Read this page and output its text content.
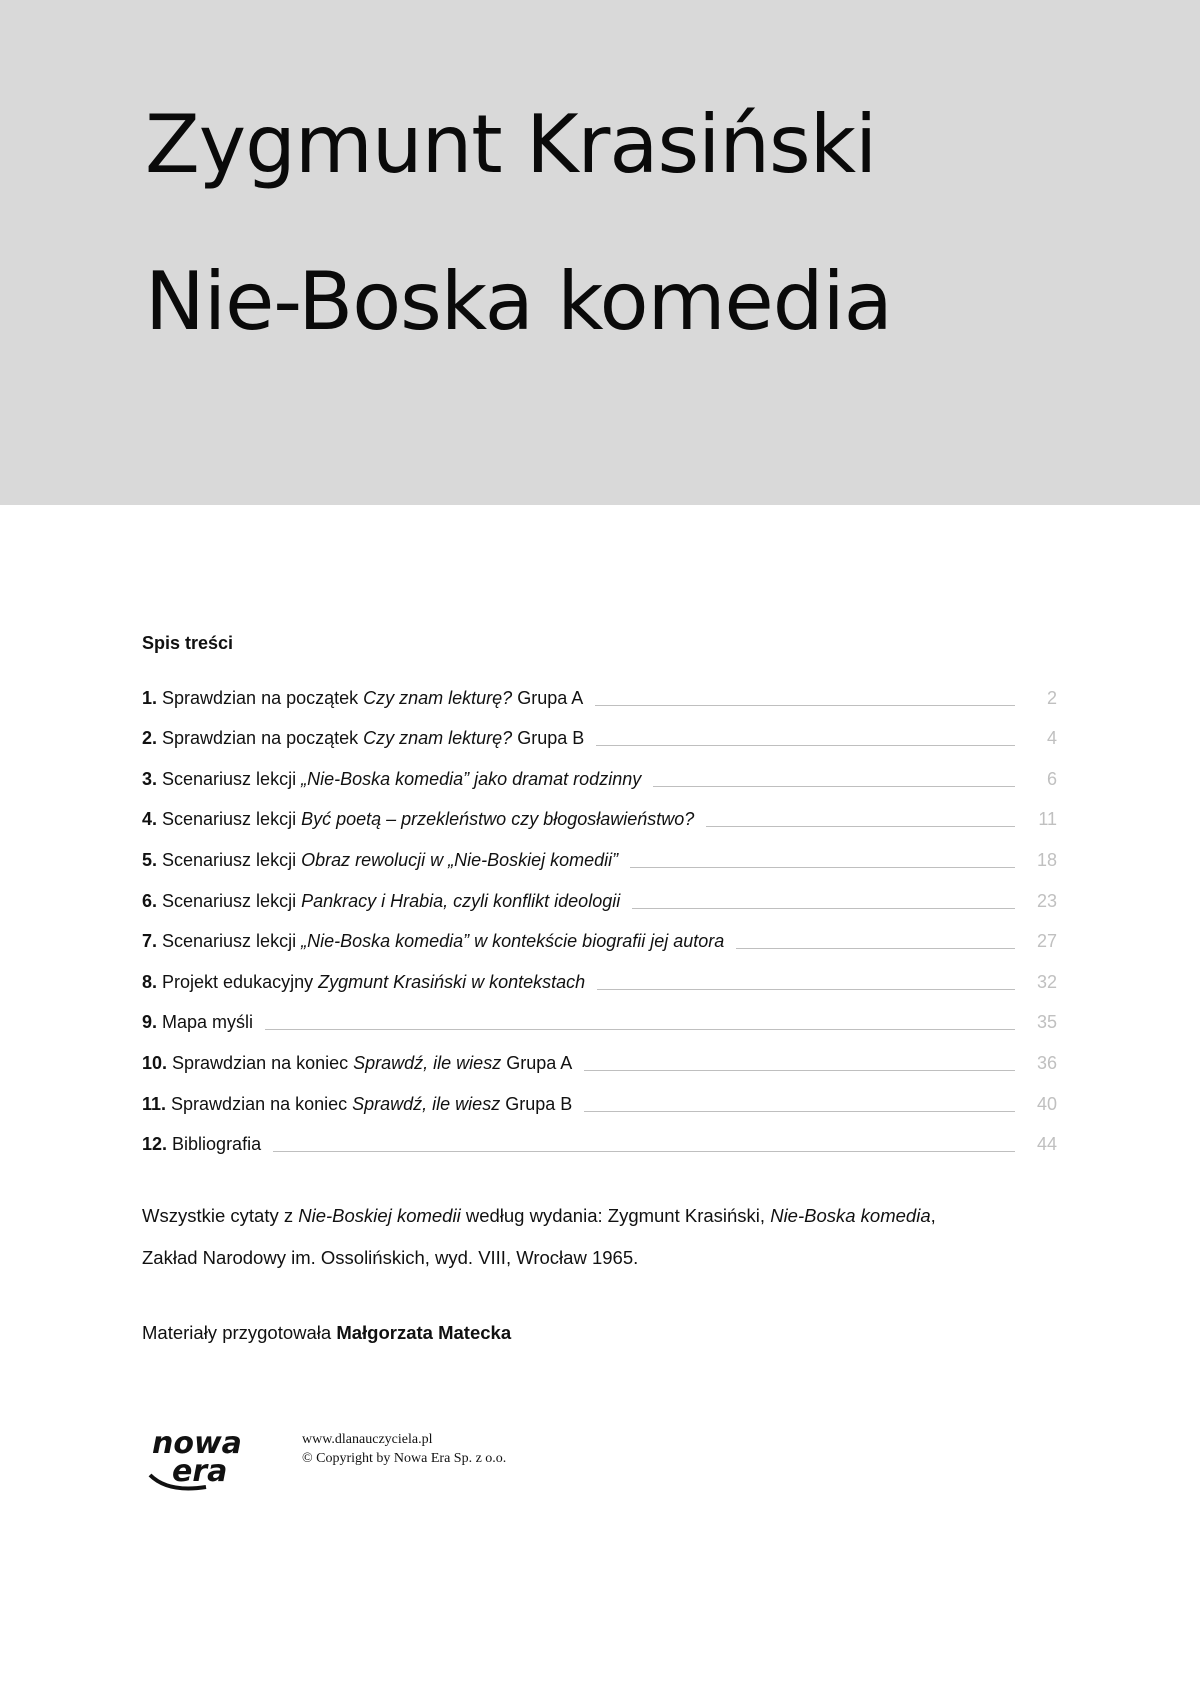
Zygmunt Krasiński
Nie-Boska komedia
Spis treści
1. Sprawdzian na początek Czy znam lekturę? Grupa A	2
2. Sprawdzian na początek Czy znam lekturę? Grupa B	4
3. Scenariusz lekcji „Nie-Boska komedia” jako dramat rodzinny	6
4. Scenariusz lekcji Być poetą – przekleństwo czy błogosławieństwo?	11
5. Scenariusz lekcji Obraz rewolucji w „Nie-Boskiej komedii”	18
6. Scenariusz lekcji Pankracy i Hrabia, czyli konflikt ideologii	23
7. Scenariusz lekcji „Nie-Boska komedia” w kontekście biografii jej autora	27
8. Projekt edukacyjny Zygmunt Krasiński w kontekstach	32
9. Mapa myśli	35
10. Sprawdzian na koniec Sprawdź, ile wiesz Grupa A	36
11. Sprawdzian na koniec Sprawdź, ile wiesz Grupa B	40
12. Bibliografia	44
Wszystkie cytaty z Nie-Boskiej komedii według wydania: Zygmunt Krasiński, Nie-Boska komedia,
Zakład Narodowy im. Ossolińskich, wyd. VIII, Wrocław 1965.
Materiały przygotowała Małgorzata Matecka
nowa
era
www.dlanauczyciela.pl
© Copyright by Nowa Era Sp. z o.o.
